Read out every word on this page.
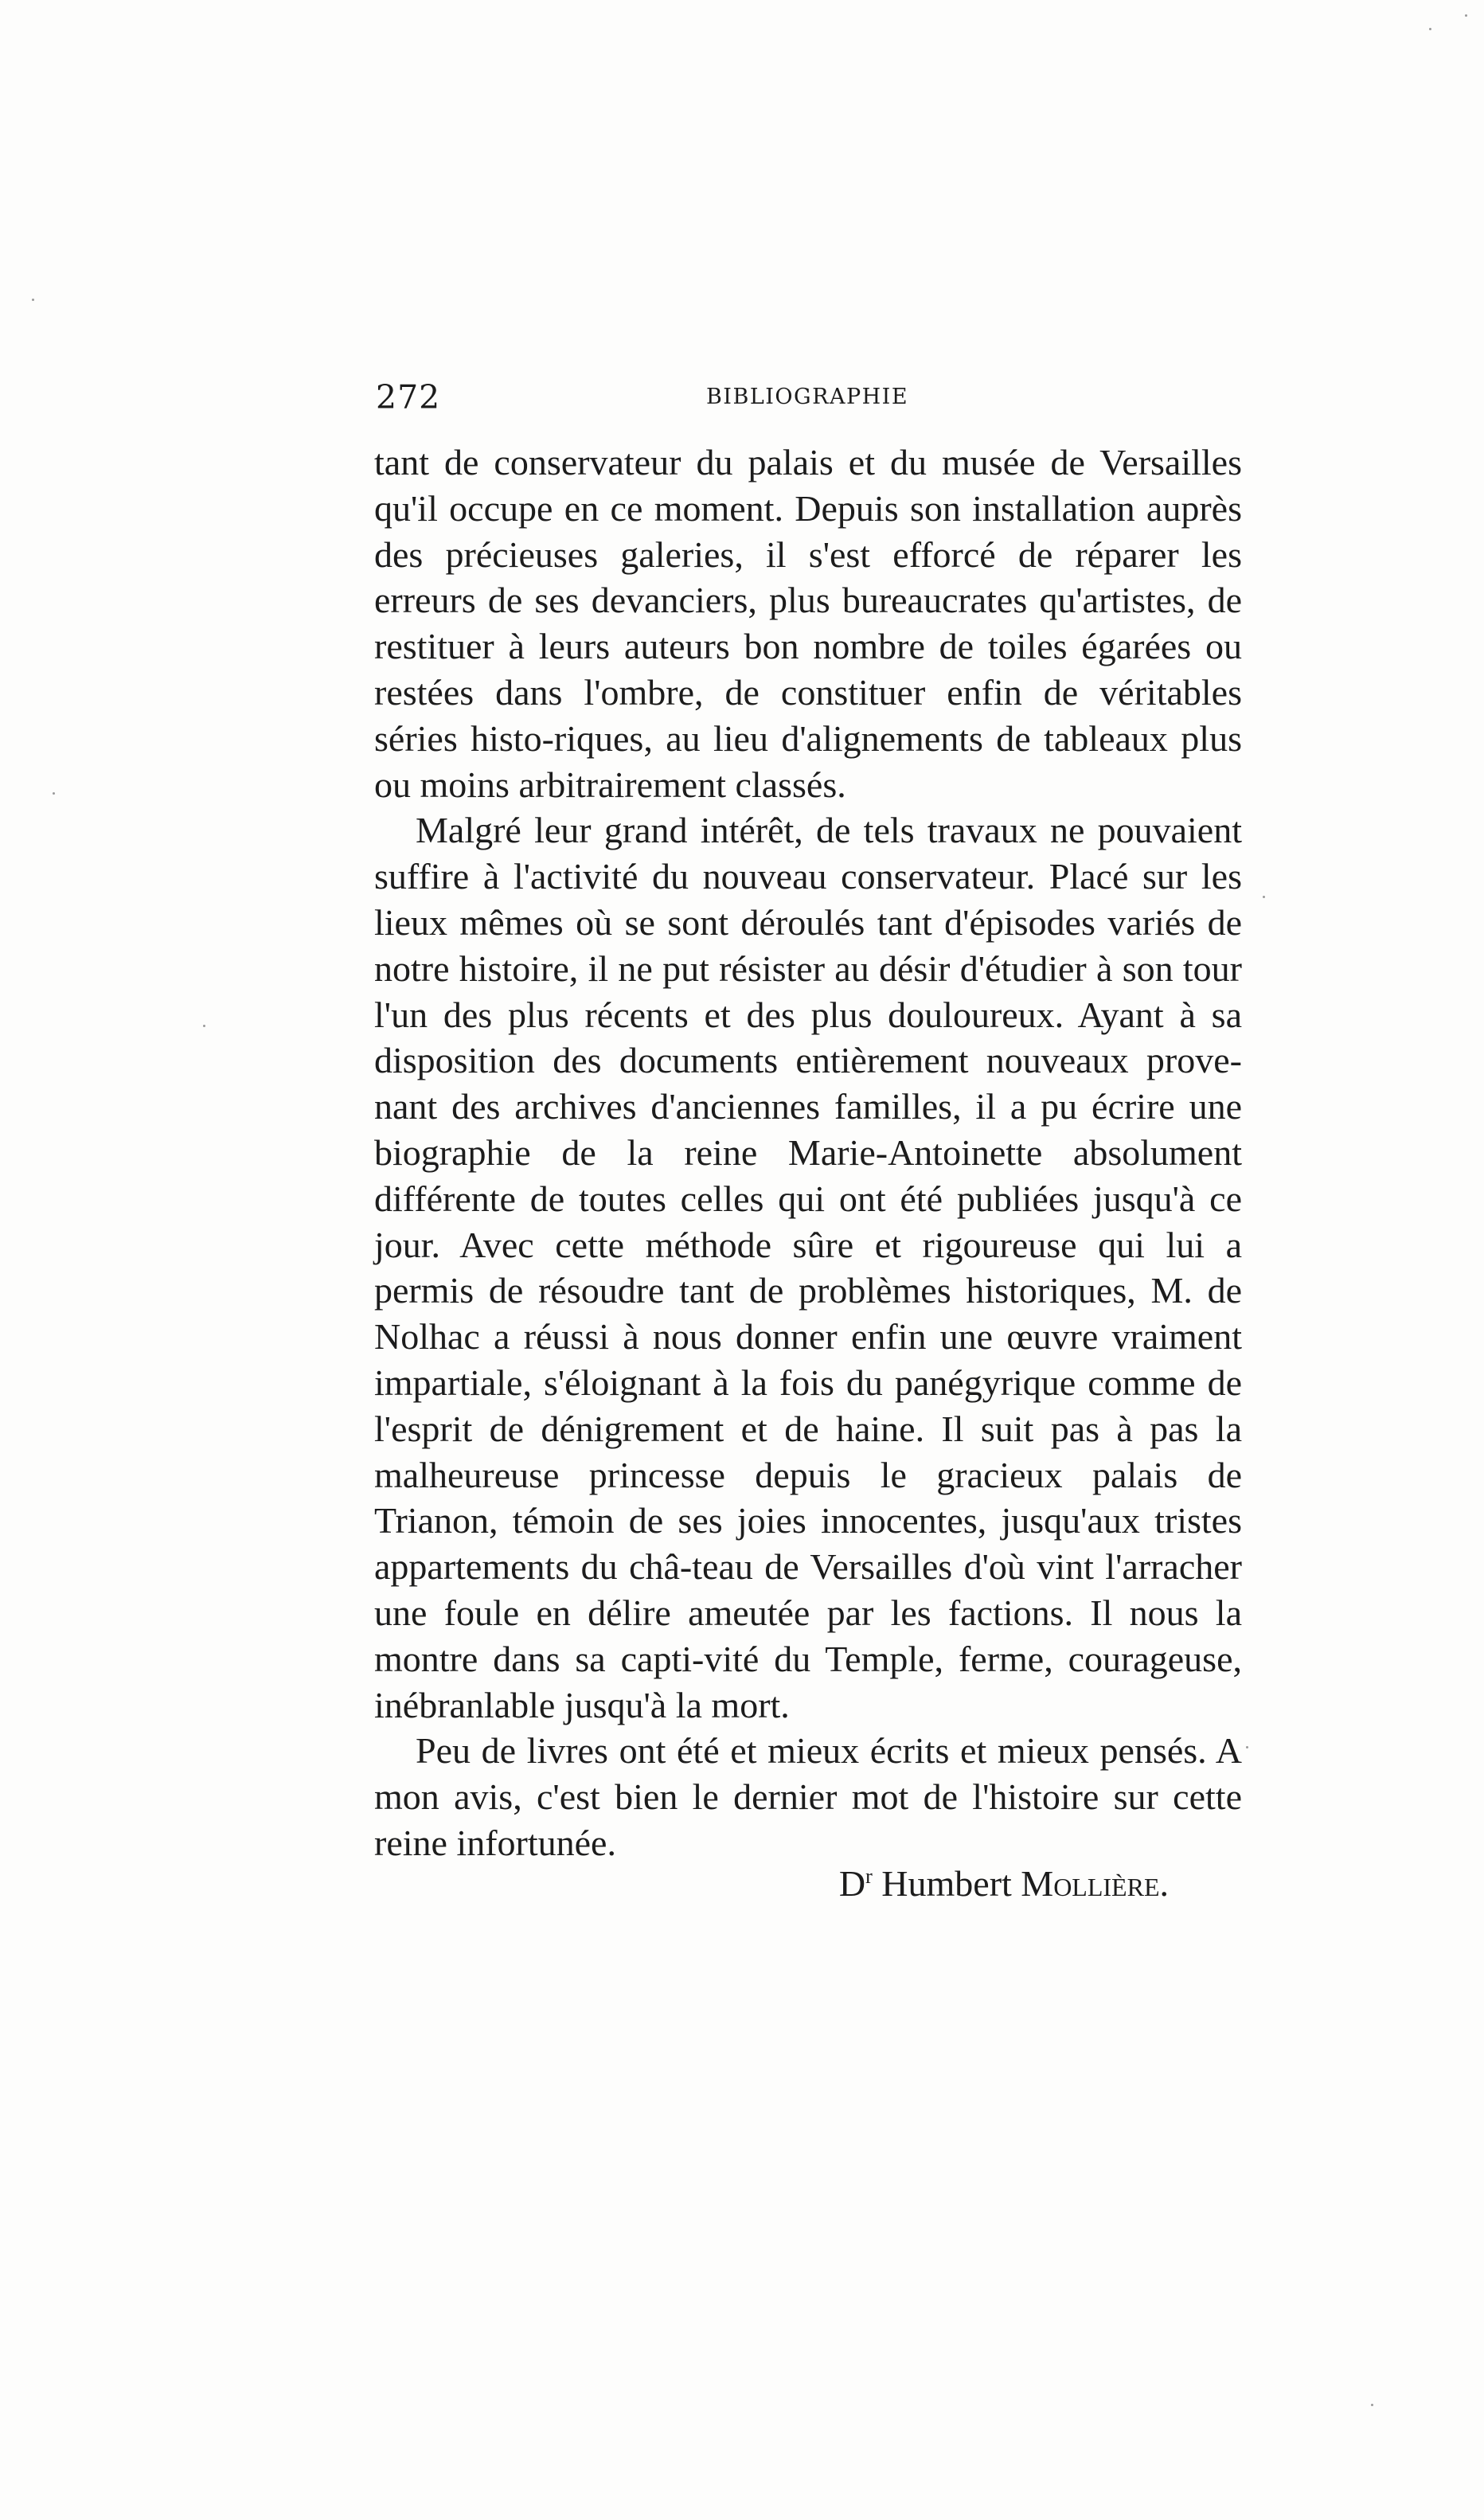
272	BIBLIOGRAPHIE

tant de conservateur du palais et du musée de Versailles qu'il occupe en ce moment. Depuis son installation auprès des précieuses galeries, il s'est efforcé de réparer les erreurs de ses devanciers, plus bureaucrates qu'artistes, de restituer à leurs auteurs bon nombre de toiles égarées ou restées dans l'ombre, de constituer enfin de véritables séries histo-riques, au lieu d'alignements de tableaux plus ou moins arbitrairement classés.

Malgré leur grand intérêt, de tels travaux ne pouvaient suffire à l'activité du nouveau conservateur. Placé sur les lieux mêmes où se sont déroulés tant d'épisodes variés de notre histoire, il ne put résister au désir d'étudier à son tour l'un des plus récents et des plus douloureux. Ayant à sa disposition des documents entièrement nouveaux prove-nant des archives d'anciennes familles, il a pu écrire une biographie de la reine Marie-Antoinette absolument différente de toutes celles qui ont été publiées jusqu'à ce jour. Avec cette méthode sûre et rigoureuse qui lui a permis de résoudre tant de problèmes historiques, M. de Nolhac a réussi à nous donner enfin une œuvre vraiment impartiale, s'éloignant à la fois du panégyrique comme de l'esprit de dénigrement et de haine. Il suit pas à pas la malheureuse princesse depuis le gracieux palais de Trianon, témoin de ses joies innocentes, jusqu'aux tristes appartements du châ-teau de Versailles d'où vint l'arracher une foule en délire ameutée par les factions. Il nous la montre dans sa capti-vité du Temple, ferme, courageuse, inébranlable jusqu'à la mort.

Peu de livres ont été et mieux écrits et mieux pensés. A mon avis, c'est bien le dernier mot de l'histoire sur cette reine infortunée.

$D^r$ Humbert Mollière.
